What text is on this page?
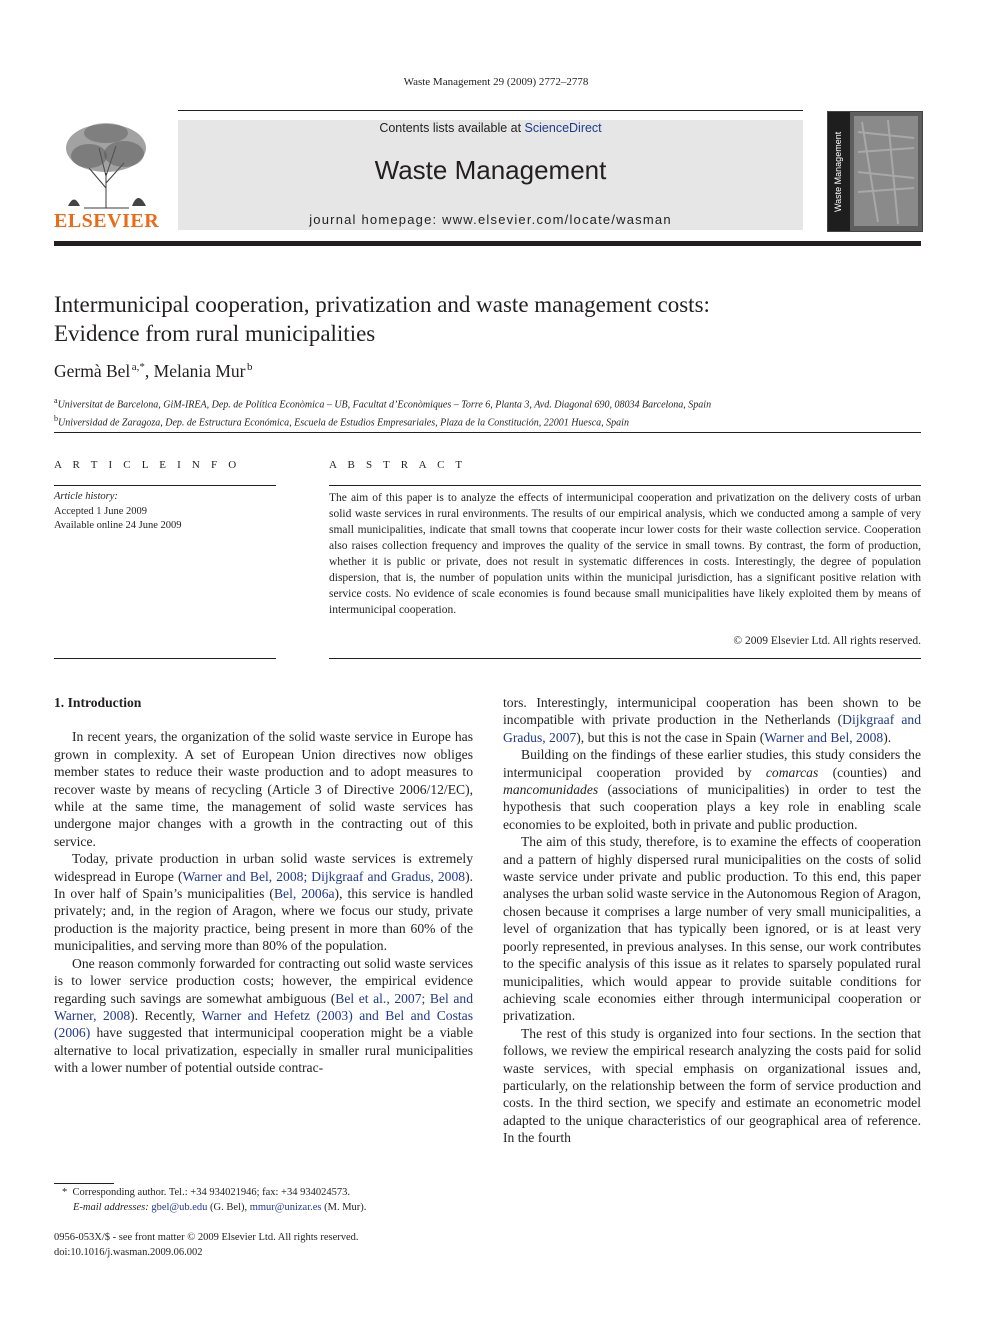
Waste Management 29 (2009) 2772–2778
ELSEVIER
Contents lists available at ScienceDirect
Waste Management
journal homepage: www.elsevier.com/locate/wasman
Waste Management
Intermunicipal cooperation, privatization and waste management costs:
Evidence from rural municipalities
Germà Bel $^{a,*}$, Melania Mur $^b$
$^a$Universitat de Barcelona, GiM-IREA, Dep. de Política Econòmica – UB, Facultat d’Econòmiques – Torre 6, Planta 3, Avd. Diagonal 690, 08034 Barcelona, Spain
$^b$Universidad de Zaragoza, Dep. de Estructura Económica, Escuela de Estudios Empresariales, Plaza de la Constitución, 22001 Huesca, Spain
A R T I C L E I N F O
Article history:
Accepted 1 June 2009
Available online 24 June 2009
A B S T R A C T
The aim of this paper is to analyze the effects of intermunicipal cooperation and privatization on the delivery costs of urban solid waste services in rural environments. The results of our empirical analysis, which we conducted among a sample of very small municipalities, indicate that small towns that cooperate incur lower costs for their waste collection service. Cooperation also raises collection frequency and improves the quality of the service in small towns. By contrast, the form of production, whether it is public or private, does not result in systematic differences in costs. Interestingly, the degree of population dispersion, that is, the number of population units within the municipal jurisdiction, has a significant positive relation with service costs. No evidence of scale economies is found because small municipalities have likely exploited them by means of intermunicipal cooperation.
© 2009 Elsevier Ltd. All rights reserved.

1. Introduction

In recent years, the organization of the solid waste service in Europe has grown in complexity. A set of European Union directives now obliges member states to reduce their waste production and to adopt measures to recover waste by means of recycling (Article 3 of Directive 2006/12/EC), while at the same time, the management of solid waste services has undergone major changes with a growth in the contracting out of this service.

Today, private production in urban solid waste services is extremely widespread in Europe (Warner and Bel, 2008; Dijkgraaf and Gradus, 2008). In over half of Spain’s municipalities (Bel, 2006a), this service is handled privately; and, in the region of Aragon, where we focus our study, private production is the majority practice, being present in more than 60% of the municipalities, and serving more than 80% of the population.

One reason commonly forwarded for contracting out solid waste services is to lower service production costs; however, the empirical evidence regarding such savings are somewhat ambiguous (Bel et al., 2007; Bel and Warner, 2008). Recently, Warner and Hefetz (2003) and Bel and Costas (2006) have suggested that intermunicipal cooperation might be a viable alternative to local privatization, especially in smaller rural municipalities with a lower number of potential outside contrac-

tors. Interestingly, intermunicipal cooperation has been shown to be incompatible with private production in the Netherlands (Dijkgraaf and Gradus, 2007), but this is not the case in Spain (Warner and Bel, 2008).

Building on the findings of these earlier studies, this study considers the intermunicipal cooperation provided by comarcas (counties) and mancomunidades (associations of municipalities) in order to test the hypothesis that such cooperation plays a key role in enabling scale economies to be exploited, both in private and public production.

The aim of this study, therefore, is to examine the effects of cooperation and a pattern of highly dispersed rural municipalities on the costs of solid waste service under private and public production. To this end, this paper analyses the urban solid waste service in the Autonomous Region of Aragon, chosen because it comprises a large number of very small municipalities, a level of organization that has typically been ignored, or is at least very poorly represented, in previous analyses. In this sense, our work contributes to the specific analysis of this issue as it relates to sparsely populated rural municipalities, which would appear to provide suitable conditions for achieving scale economies either through intermunicipal cooperation or privatization.

The rest of this study is organized into four sections. In the section that follows, we review the empirical research analyzing the costs paid for solid waste services, with special emphasis on organizational issues and, particularly, on the relationship between the form of service production and costs. In the third section, we specify and estimate an econometric model adapted to the unique characteristics of our geographical area of reference. In the fourth

* Corresponding author. Tel.: +34 934021946; fax: +34 934024573.
E-mail addresses: gbel@ub.edu (G. Bel), mmur@unizar.es (M. Mur).
0956-053X/$ - see front matter © 2009 Elsevier Ltd. All rights reserved.
doi:10.1016/j.wasman.2009.06.002
